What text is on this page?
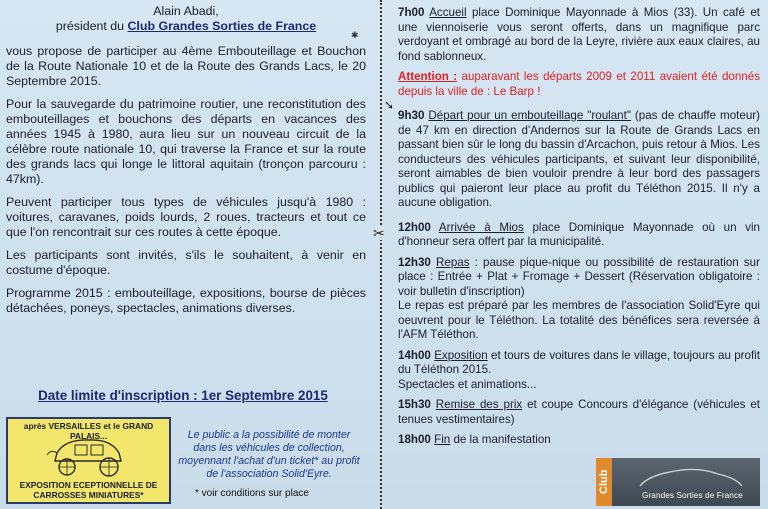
Alain Abadi,
président du Club Grandes Sorties de France

vous propose de participer au 4ème Embouteillage et Bouchon de la Route Nationale 10 et de la Route des Grands Lacs, le 20 Septembre 2015.

Pour la sauvegarde du patrimoine routier, une reconstitution des embouteillages et bouchons des départs en vacances des années 1945 à 1980, aura lieu sur un nouveau circuit de la célèbre route nationale 10, qui traverse la France et sur la route des grands lacs qui longe le littoral aquitain (tronçon parcouru : 47km).

Peuvent participer tous types de véhicules jusqu'à 1980 : voitures, caravanes, poids lourds, 2 roues, tracteurs et tout ce que l'on rencontrait sur ces routes à cette époque.

Les participants sont invités, s'ils le souhaitent, à venir en costume d'époque.

Programme 2015 : embouteillage, expositions, bourse de pièces détachées, poneys, spectacles, animations diverses.

✱
Date limite d'inscription : 1er Septembre 2015
après VERSAILLES et le GRAND PALAIS...
EXPOSITION ECEPTIONNELLE DE
CARROSSES MINIATURES*
Le public a la possibilité de monter dans les véhicules de collection, moyennant l'achat d'un ticket* au profit de l'association Solid'Eyre.
* voir conditions sur place
✂
➘
7h00 Accueil place Dominique Mayonnade à Mios (33). Un café et une viennoiserie vous seront offerts, dans un magnifique parc verdoyant et ombragé au bord de la Leyre, rivière aux eaux claires, au fond sablonneux.
Attention : auparavant les départs 2009 et 2011 avaient été donnés depuis la ville de : Le Barp !
9h30 Départ pour un embouteillage "roulant" (pas de chauffe moteur) de 47 km en direction d'Andernos sur la Route de Grands Lacs en passant bien sûr le long du bassin d'Arcachon, puis retour à Mios. Les conducteurs des véhicules participants, et suivant leur disponibilité, seront aimables de bien vouloir prendre à leur bord des passagers publics qui paieront leur place au profit du Téléthon 2015. Il n'y a aucune obligation.
12h00 Arrivée à Mios place Dominique Mayonnade où un vin d'honneur sera offert par la municipalité.
12h30 Repas : pause pique-nique ou possibilité de restauration sur place : Entrée + Plat + Fromage + Dessert (Réservation obligatoire : voir bulletin d'inscription)
Le repas est préparé par les membres de l'association Solid'Eyre qui oeuvrent pour le Téléthon. La totalité des bénéfices sera reversée à l'AFM Téléthon.
14h00 Exposition et tours de voitures dans le village, toujours au profit du Téléthon 2015.
Spectacles et animations...
15h30 Remise des prix et coupe Concours d'élégance (véhicules et tenues vestimentaires)
18h00 Fin de la manifestation
Club
Grandes Sorties de France
